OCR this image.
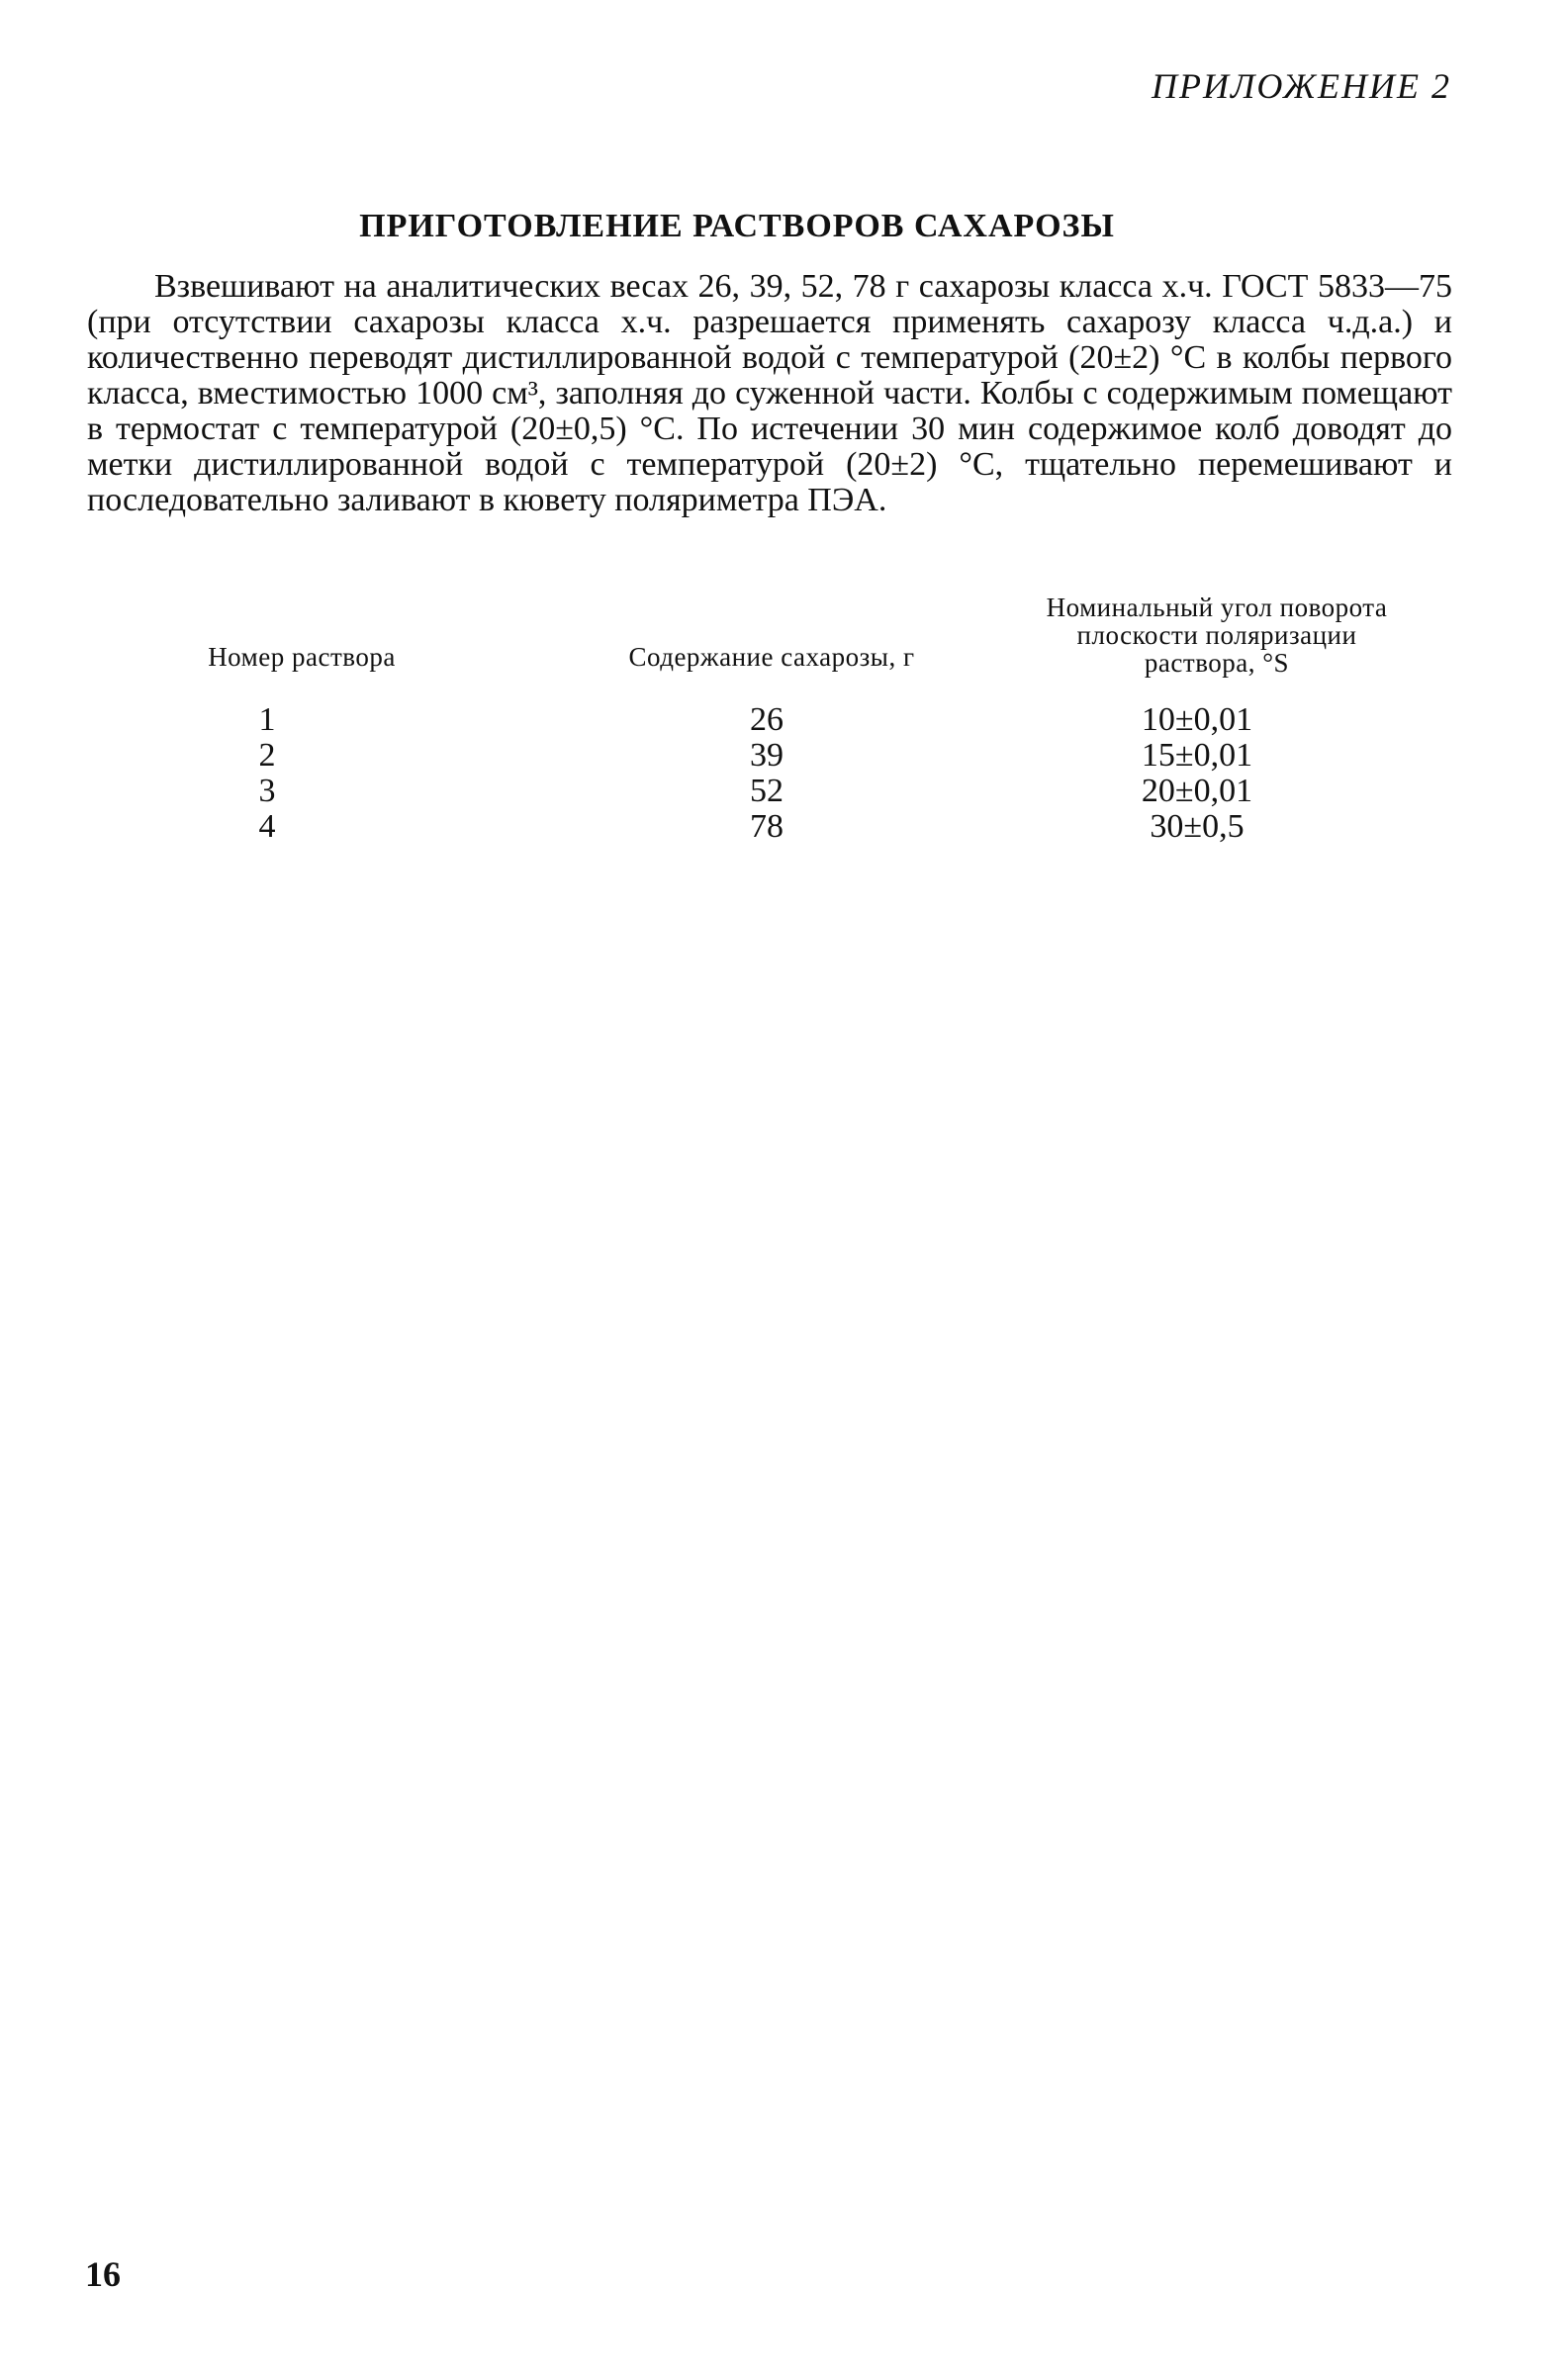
ПРИЛОЖЕНИЕ 2
ПРИГОТОВЛЕНИЕ РАСТВОРОВ САХАРОЗЫ
Взвешивают на аналитических весах 26, 39, 52, 78 г сахарозы класса х.ч. ГОСТ 5833—75 (при отсутствии сахарозы класса х.ч. разрешается применять сахарозу класса ч.д.а.) и количественно переводят дистиллированной водой с температурой (20±2) °С в колбы первого класса, вместимостью 1000 см³, заполняя до суженной части. Колбы с содержимым помещают в термостат с температурой (20±0,5) °С. По истечении 30 мин содержимое колб доводят до метки дистиллированной водой с температурой (20±2) °С, тщательно перемешивают и последовательно заливают в кювету поляриметра ПЭА.
Номер раствора	Содержание сахарозы, г
Номинальный угол поворота плоскости поляризации раствора, °S
1
2
3
4
26
39
52
78
10±0,01
15±0,01
20±0,01
30±0,5
16
